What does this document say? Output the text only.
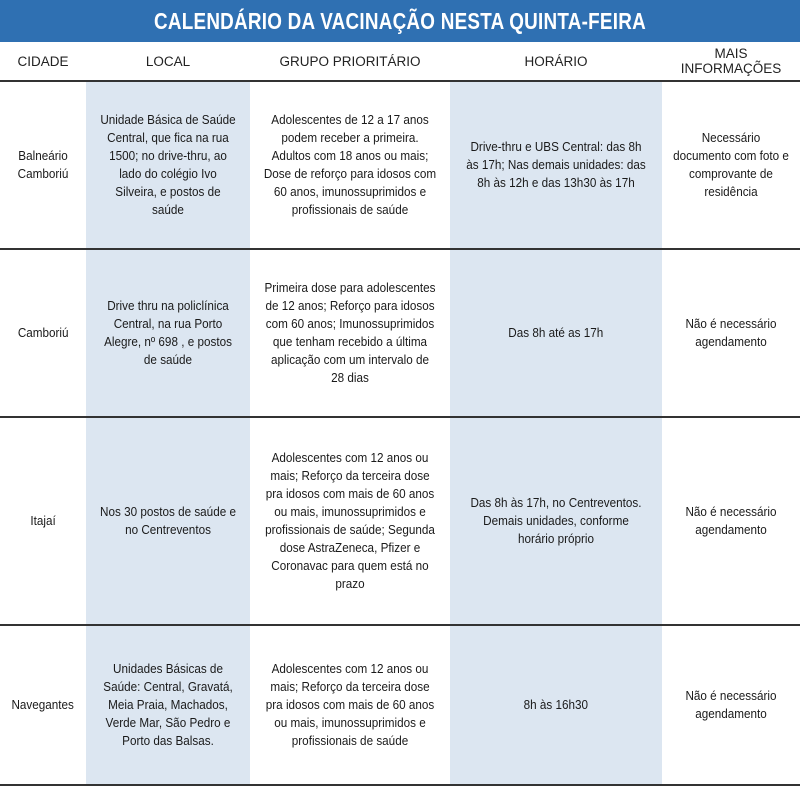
CALENDÁRIO DA VACINAÇÃO NESTA QUINTA-FEIRA
CIDADE	LOCAL	GRUPO PRIORITÁRIO	HORÁRIO	MAIS INFORMAÇÕES
Balneário Camboriú	Unidade Básica de Saúde Central, que fica na rua 1500; no drive-thru, ao lado do colégio Ivo Silveira, e postos de saúde	Adolescentes de 12 a 17 anos podem receber a primeira. Adultos com 18 anos ou mais; Dose de reforço para idosos com 60 anos, imunossuprimidos e profissionais de saúde	Drive-thru e UBS Central: das 8h às 17h; Nas demais unidades: das 8h às 12h e das 13h30 às 17h	Necessário documento com foto e comprovante de residência
Camboriú	Drive thru na policlínica Central, na rua Porto Alegre, nº 698 , e postos de saúde	Primeira dose para adolescentes de 12 anos; Reforço para idosos com 60 anos; Imunossuprimidos que tenham recebido a última aplicação com um intervalo de 28 dias	Das 8h até as 17h	Não é necessário agendamento
Itajaí	Nos 30 postos de saúde e no Centreventos	Adolescentes com 12 anos ou mais; Reforço da terceira dose pra idosos com mais de 60 anos ou mais, imunossuprimidos e profissionais de saúde; Segunda dose AstraZeneca, Pfizer e Coronavac para quem está no prazo	Das 8h às 17h, no Centreventos. Demais unidades, conforme horário próprio	Não é necessário agendamento
Navegantes	Unidades Básicas de Saúde: Central, Gravatá, Meia Praia, Machados, Verde Mar, São Pedro e Porto das Balsas.	Adolescentes com 12 anos ou mais; Reforço da terceira dose pra idosos com mais de 60 anos ou mais, imunossuprimidos e profissionais de saúde	8h às 16h30	Não é necessário agendamento
